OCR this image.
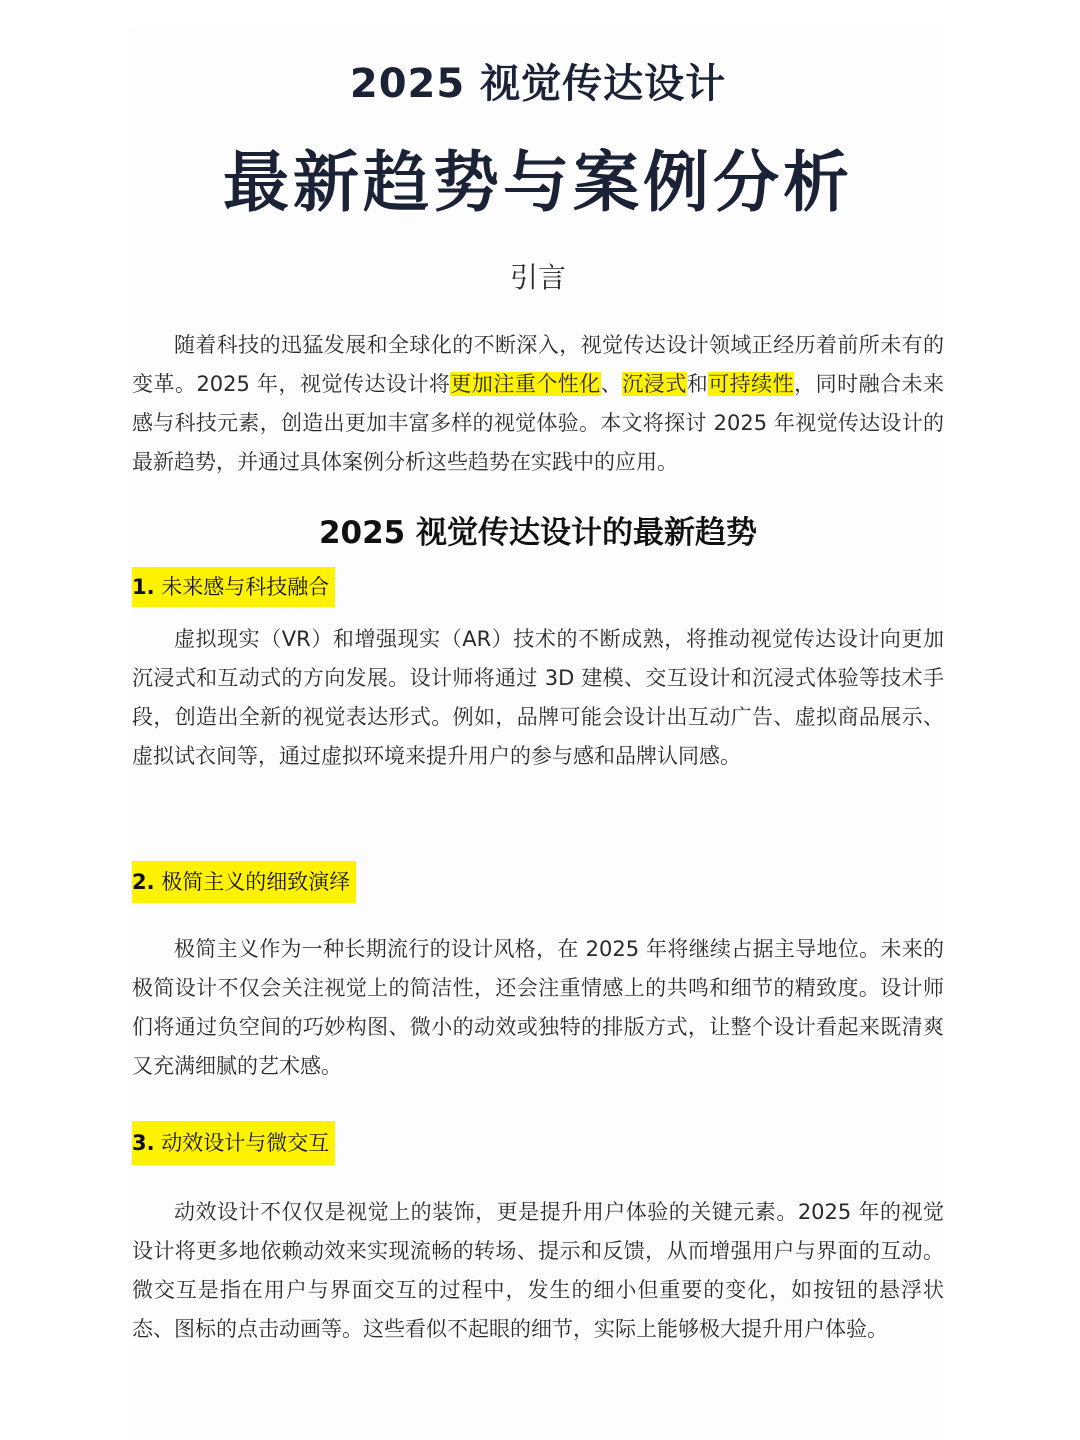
2025 视觉传达设计
最新趋势与案例分析
引言

随着科技的迅猛发展和全球化的不断深入，视觉传达设计领域正经历着前所未有的变革。2025 年，视觉传达设计将更加注重个性化、沉浸式和可持续性，同时融合未来感与科技元素，创造出更加丰富多样的视觉体验。本文将探讨 2025 年视觉传达设计的最新趋势，并通过具体案例分析这些趋势在实践中的应用。

2025 视觉传达设计的最新趋势
1. 未来感与科技融合

虚拟现实（VR）和增强现实（AR）技术的不断成熟，将推动视觉传达设计向更加沉浸式和互动式的方向发展。设计师将通过 3D 建模、交互设计和沉浸式体验等技术手段，创造出全新的视觉表达形式。例如，品牌可能会设计出互动广告、虚拟商品展示、虚拟试衣间等，通过虚拟环境来提升用户的参与感和品牌认同感。

2. 极简主义的细致演绎

极简主义作为一种长期流行的设计风格，在 2025 年将继续占据主导地位。未来的极简设计不仅会关注视觉上的简洁性，还会注重情感上的共鸣和细节的精致度。设计师们将通过负空间的巧妙构图、微小的动效或独特的排版方式，让整个设计看起来既清爽又充满细腻的艺术感。

3. 动效设计与微交互

动效设计不仅仅是视觉上的装饰，更是提升用户体验的关键元素。2025 年的视觉设计将更多地依赖动效来实现流畅的转场、提示和反馈，从而增强用户与界面的互动。微交互是指在用户与界面交互的过程中，发生的细小但重要的变化，如按钮的悬浮状态、图标的点击动画等。这些看似不起眼的细节，实际上能够极大提升用户体验。
